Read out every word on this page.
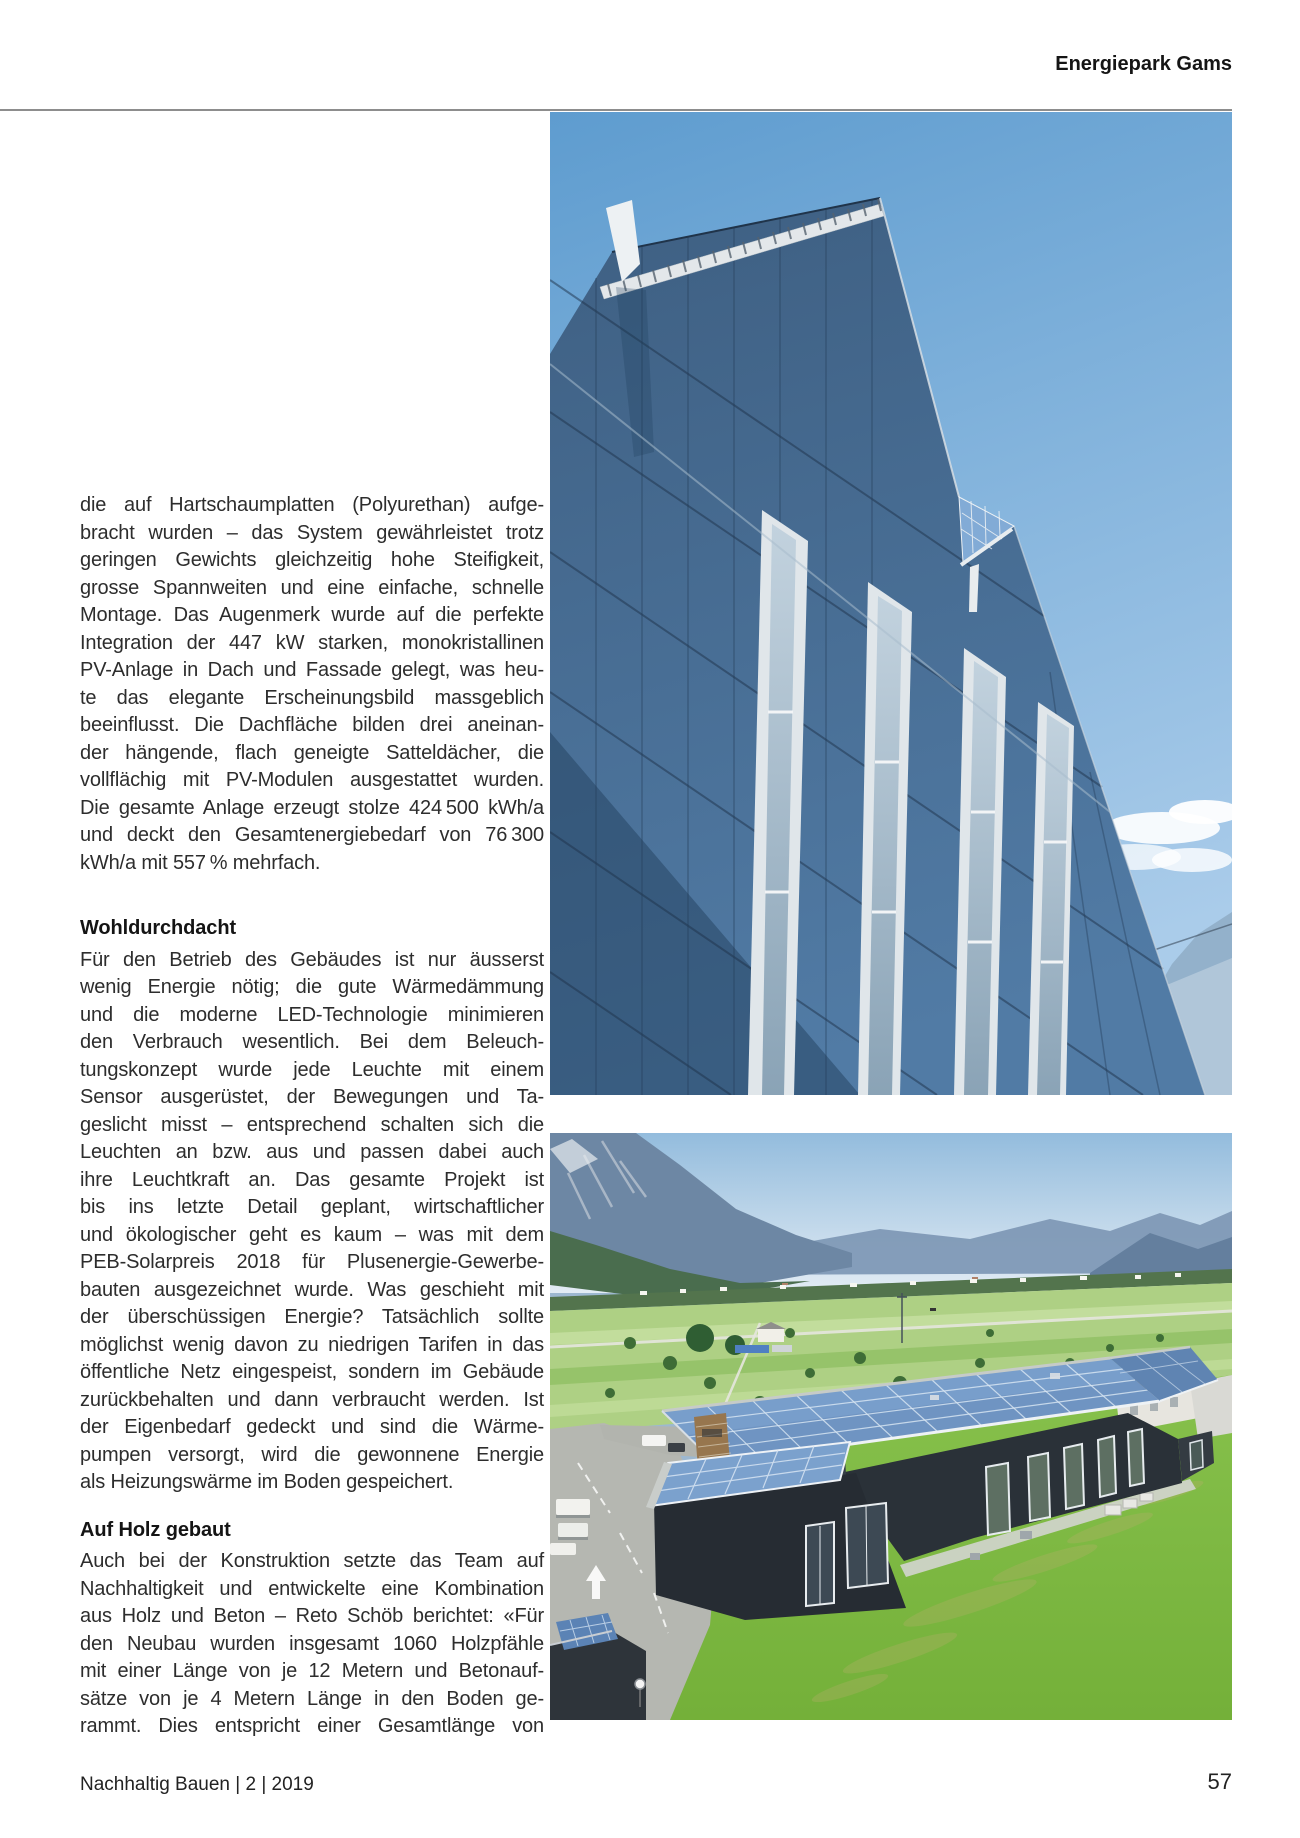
Energiepark Gams
die auf Hartschaumplatten (Polyurethan) aufge-
bracht wurden – das System gewährleistet trotz
geringen Gewichts gleichzeitig hohe Steifigkeit,
grosse Spannweiten und eine einfache, schnelle
Montage. Das Augenmerk wurde auf die perfekte
Integration der 447 kW starken, monokristallinen
PV-Anlage in Dach und Fassade gelegt, was heu-
te das elegante Erscheinungsbild massgeblich
beeinflusst. Die Dachfläche bilden drei aneinan-
der hängende, flach geneigte Satteldächer, die
vollflächig mit PV-Modulen ausgestattet wurden.
Die gesamte Anlage erzeugt stolze 424 500 kWh/a
und deckt den Gesamtenergiebedarf von 76 300
kWh/a mit 557 % mehrfach.
Wohldurchdacht
Für den Betrieb des Gebäudes ist nur äusserst
wenig Energie nötig; die gute Wärmedämmung
und die moderne LED-Technologie minimieren
den Verbrauch wesentlich. Bei dem Beleuch-
tungskonzept wurde jede Leuchte mit einem
Sensor ausgerüstet, der Bewegungen und Ta-
geslicht misst – entsprechend schalten sich die
Leuchten an bzw. aus und passen dabei auch
ihre Leuchtkraft an. Das gesamte Projekt ist
bis ins letzte Detail geplant, wirtschaftlicher
und ökologischer geht es kaum – was mit dem
PEB-Solarpreis 2018 für Plusenergie-Gewerbe-
bauten ausgezeichnet wurde. Was geschieht mit
der überschüssigen Energie? Tatsächlich sollte
möglichst wenig davon zu niedrigen Tarifen in das
öffentliche Netz eingespeist, sondern im Gebäude
zurückbehalten und dann verbraucht werden. Ist
der Eigenbedarf gedeckt und sind die Wärme-
pumpen versorgt, wird die gewonnene Energie
als Heizungswärme im Boden gespeichert.
Auf Holz gebaut
Auch bei der Konstruktion setzte das Team auf
Nachhaltigkeit und entwickelte eine Kombination
aus Holz und Beton – Reto Schöb berichtet: «Für
den Neubau wurden insgesamt 1060 Holzpfähle
mit einer Länge von je 12 Metern und Betonauf-
sätze von je 4 Metern Länge in den Boden ge-
rammt. Dies entspricht einer Gesamtlänge von
Nachhaltig Bauen | 2 | 2019	57
